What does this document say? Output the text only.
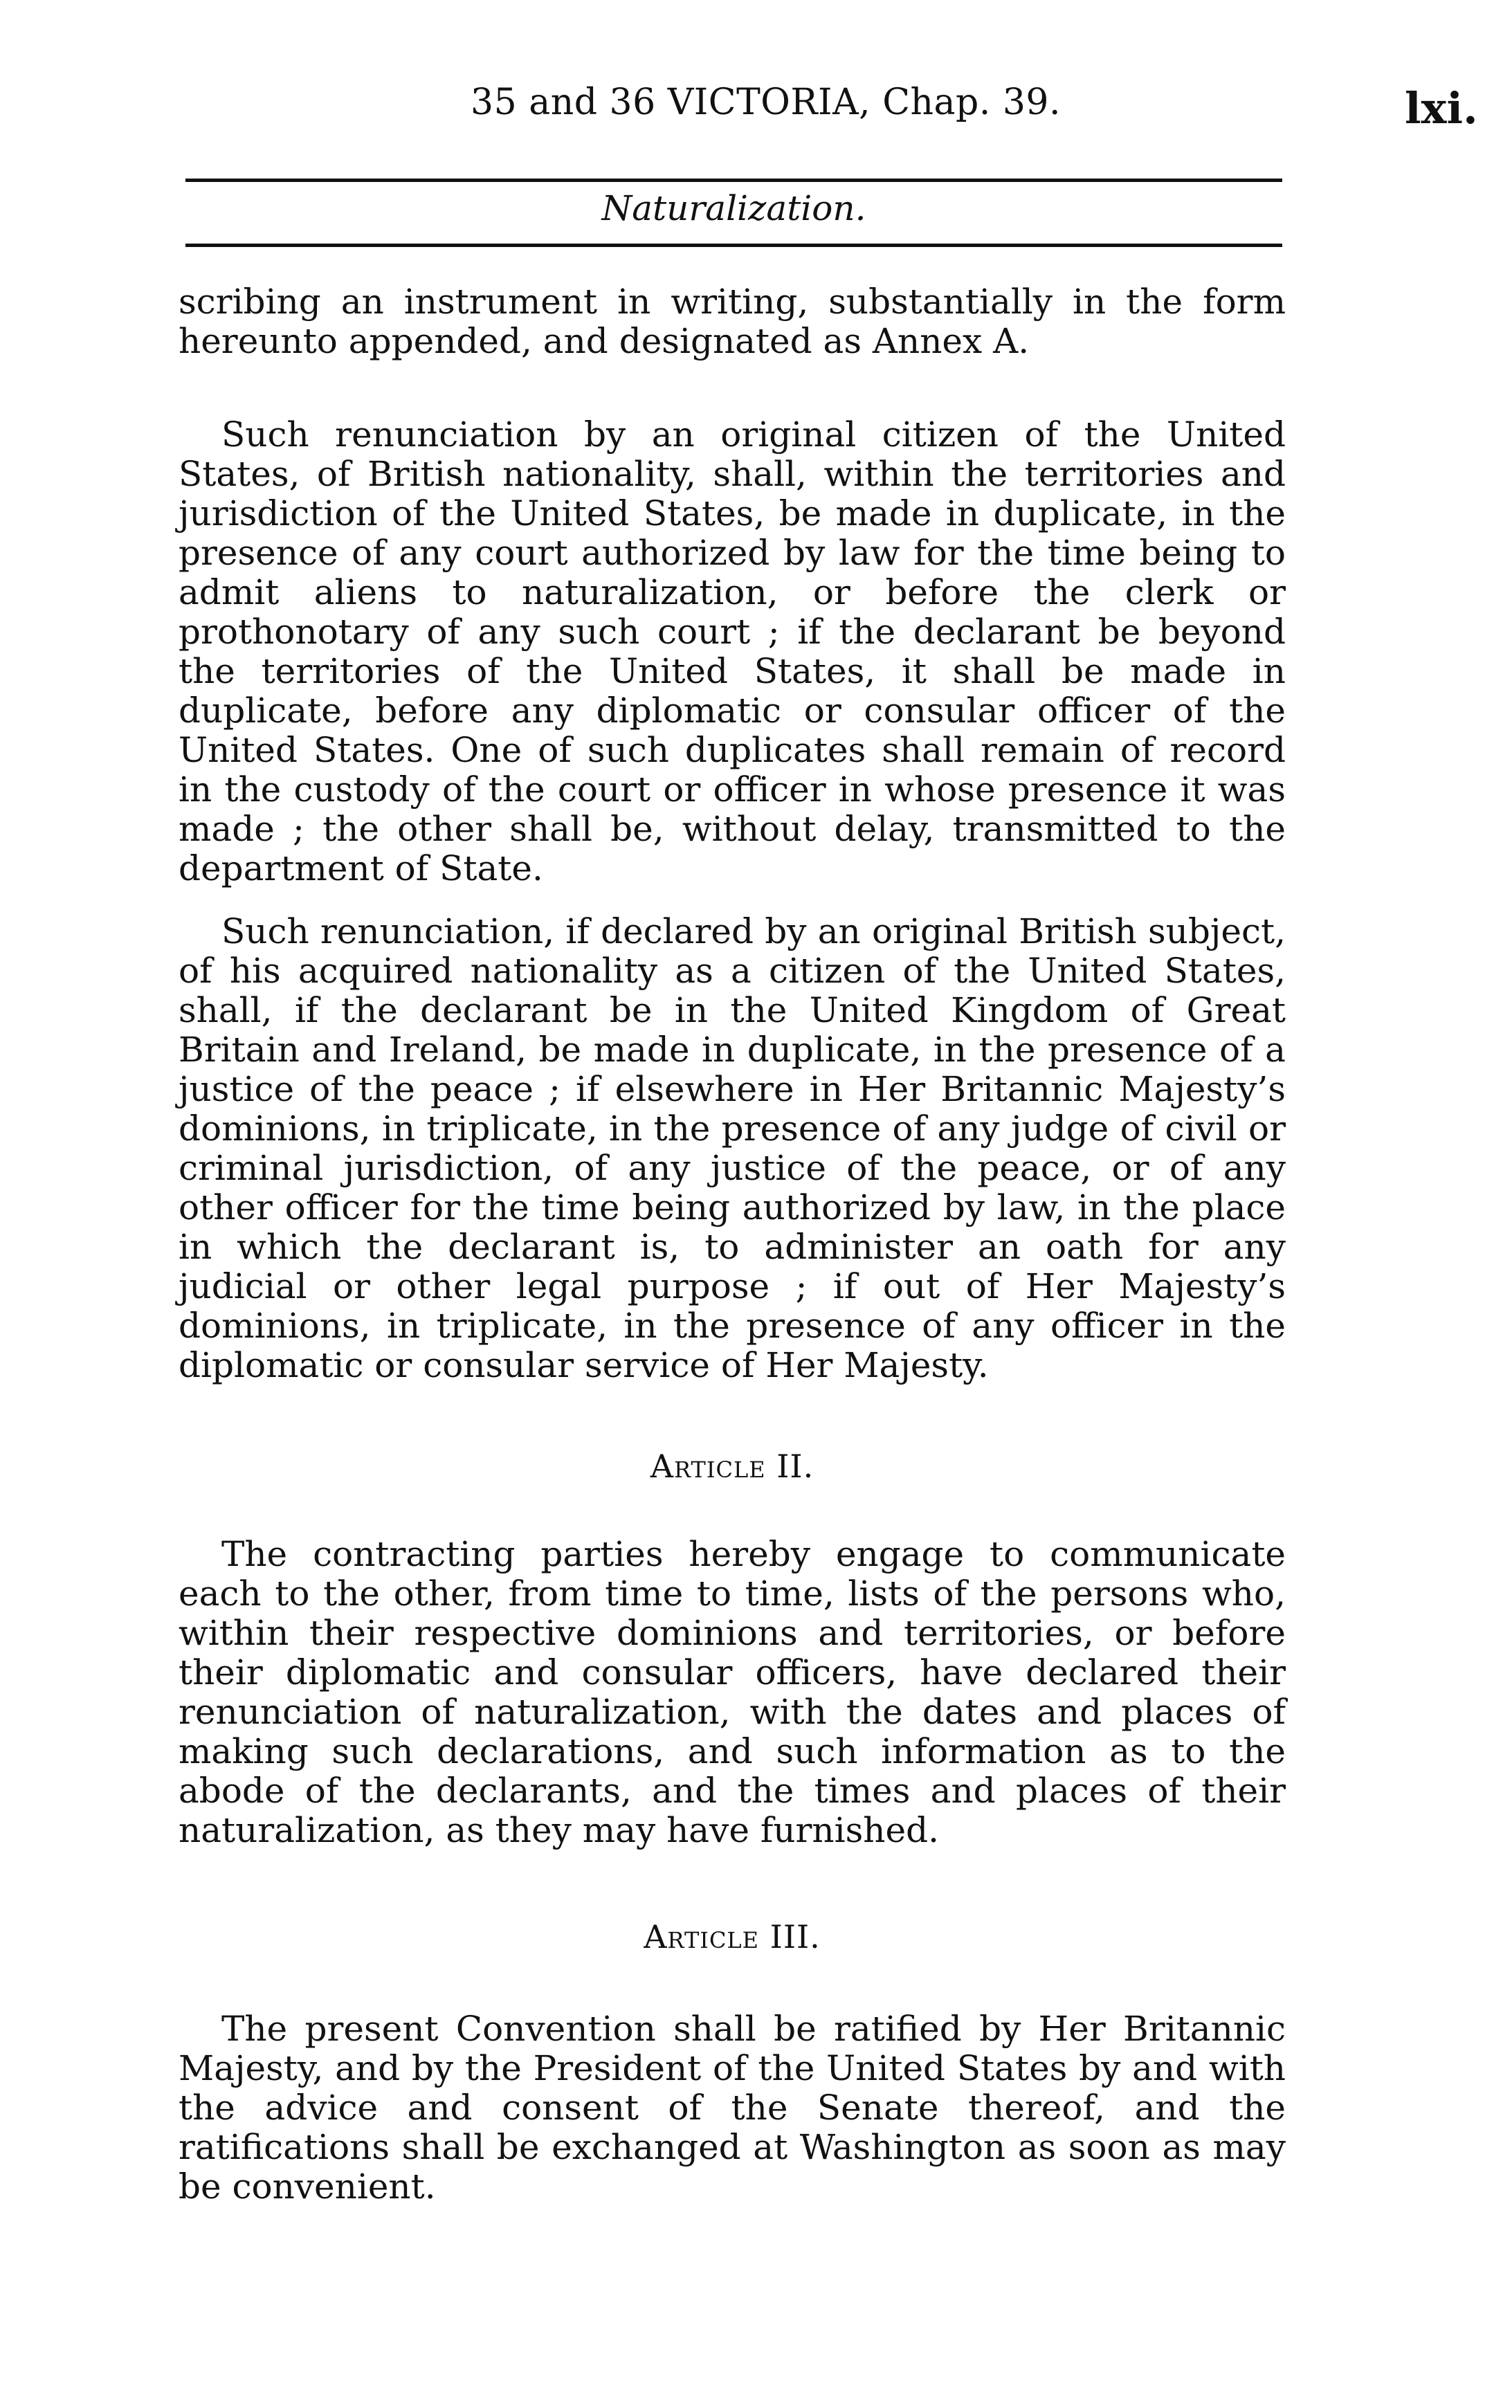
35 and 36 VICTORIA, Chap. 39.	lxi.
Naturalization.

scribing an instrument in writing, substantially in the form hereunto appended, and designated as Annex A.

Such renunciation by an original citizen of the United States, of British nationality, shall, within the territories and jurisdiction of the United States, be made in duplicate, in the presence of any court authorized by law for the time being to admit aliens to naturalization, or before the clerk or prothonotary of any such court ; if the declarant be beyond the territories of the United States, it shall be made in duplicate, before any diplomatic or consular officer of the United States. One of such duplicates shall remain of record in the custody of the court or officer in whose presence it was made ; the other shall be, without delay, transmitted to the department of State.

Such renunciation, if declared by an original British subject, of his acquired nationality as a citizen of the United States, shall, if the declarant be in the United Kingdom of Great Britain and Ireland, be made in duplicate, in the presence of a justice of the peace ; if elsewhere in Her Britannic Majesty’s dominions, in triplicate, in the presence of any judge of civil or criminal jurisdiction, of any justice of the peace, or of any other officer for the time being authorized by law, in the place in which the declarant is, to administer an oath for any judicial or other legal purpose ; if out of Her Majesty’s dominions, in triplicate, in the presence of any officer in the diplomatic or consular service of Her Majesty.

Article II.

The contracting parties hereby engage to communicate each to the other, from time to time, lists of the persons who, within their respective dominions and territories, or before their diplomatic and consular officers, have declared their renunciation of naturalization, with the dates and places of making such declarations, and such information as to the abode of the declarants, and the times and places of their naturalization, as they may have furnished.

Article III.

The present Convention shall be ratified by Her Britannic Majesty, and by the President of the United States by and with the advice and consent of the Senate thereof, and the ratifications shall be exchanged at Washington as soon as may be convenient.
